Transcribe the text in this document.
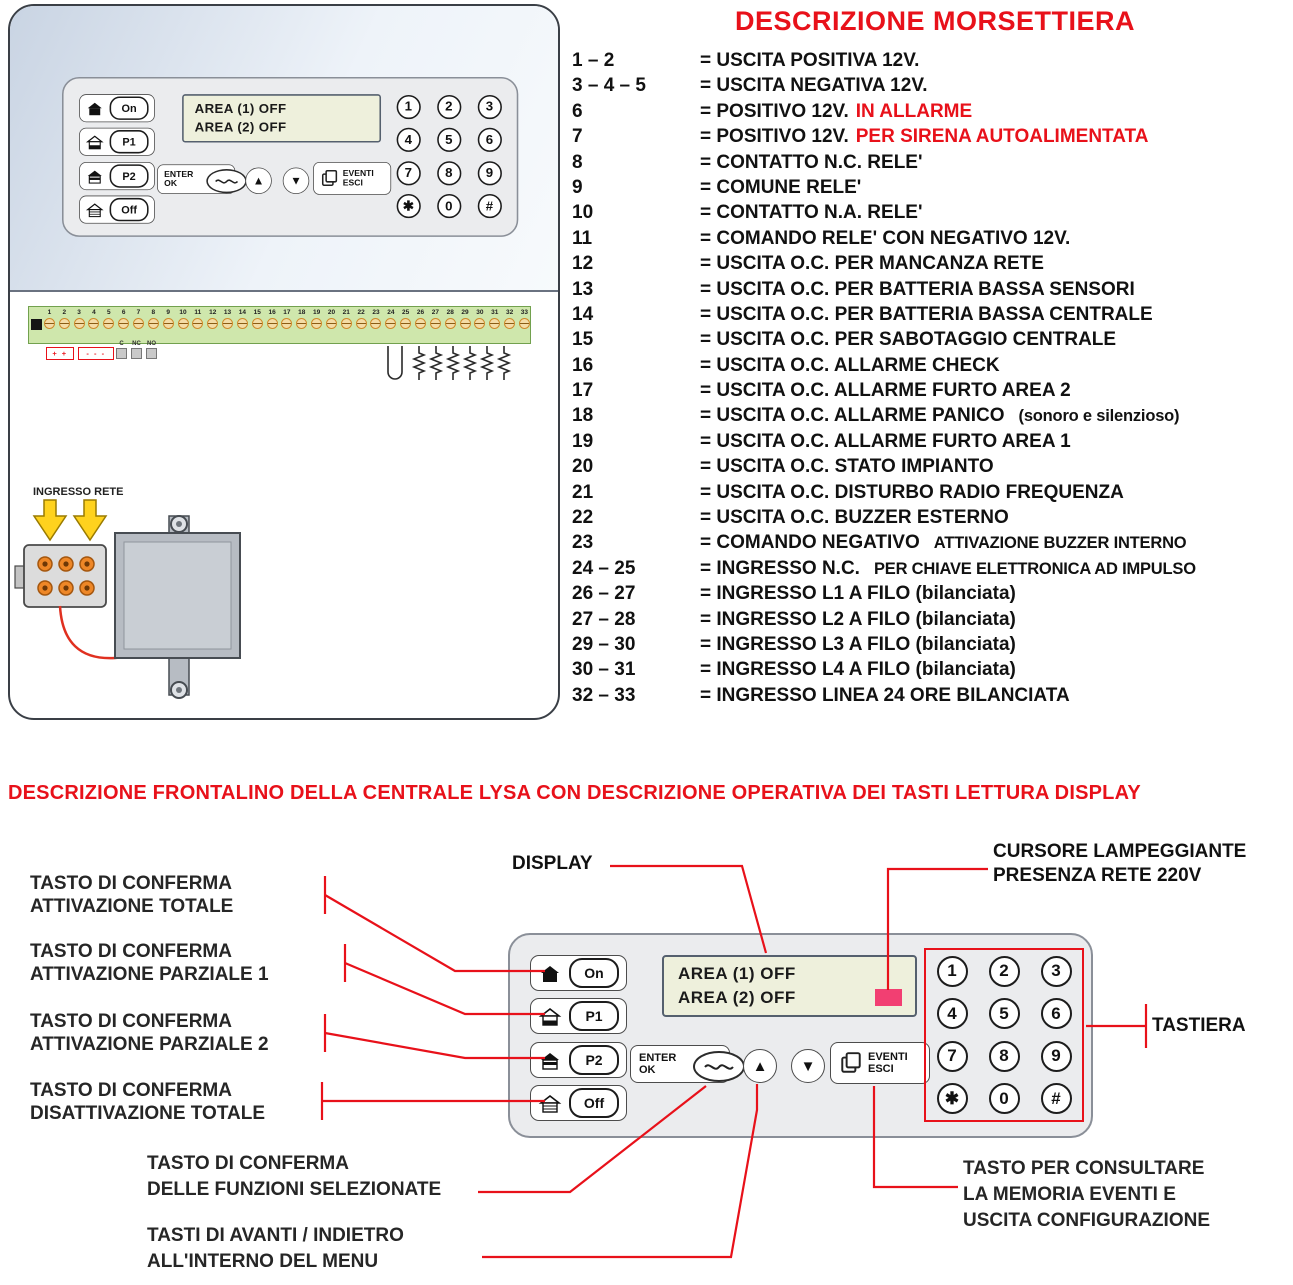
1 2 3 4 5 6 7 8 9 10 11 12 13 14 15 16 17 18 19 20 21 22 23 24 25 26 27 28 29 30 31 32 33
+ +	- - -
C NC NO
INGRESSO RETE
DESCRIZIONE MORSETTIERA
1 – 2	= USCITA POSITIVA 12V.
3 – 4 – 5	= USCITA NEGATIVA 12V.
6	= POSITIVO 12V. IN ALLARME
7	= POSITIVO 12V. PER SIRENA AUTOALIMENTATA
8	= CONTATTO N.C. RELE'
9	= COMUNE RELE'
10	= CONTATTO N.A. RELE'
11	= COMANDO RELE' CON NEGATIVO 12V.
12	= USCITA O.C. PER MANCANZA RETE
13	= USCITA O.C. PER BATTERIA BASSA SENSORI
14	= USCITA O.C. PER BATTERIA BASSA CENTRALE
15	= USCITA O.C. PER SABOTAGGIO CENTRALE
16	= USCITA O.C. ALLARME CHECK
17	= USCITA O.C. ALLARME FURTO AREA 2
18	= USCITA O.C. ALLARME PANICO (sonoro e silenzioso)
19	= USCITA O.C. ALLARME FURTO AREA 1
20	= USCITA O.C. STATO IMPIANTO
21	= USCITA O.C. DISTURBO RADIO FREQUENZA
22	= USCITA O.C. BUZZER ESTERNO
23	= COMANDO NEGATIVO ATTIVAZIONE BUZZER INTERNO
24 – 25	= INGRESSO N.C. PER CHIAVE ELETTRONICA AD IMPULSO
26 – 27	= INGRESSO L1 A FILO (bilanciata)
27 – 28	= INGRESSO L2 A FILO (bilanciata)
29 – 30	= INGRESSO L3 A FILO (bilanciata)
30 – 31	= INGRESSO L4 A FILO (bilanciata)
32 – 33	= INGRESSO LINEA 24 ORE BILANCIATA
DESCRIZIONE FRONTALINO DELLA CENTRALE LYSA CON DESCRIZIONE OPERATIVA DEI TASTI LETTURA DISPLAY
On
P1
P2
Off
AREA (1) OFF
AREA (2) OFF
ENTER
OK	▲ ▼
EVENTI
ESCI
1	2	3
4	5	6
7	8	9
✱	0	#
On
P1
P2
Off
AREA (1) OFF
AREA (2) OFF
ENTER
OK	▲ ▼
EVENTI
ESCI
1	2	3
4	5	6
7	8	9
✱	0	#
TASTO DI CONFERMA
ATTIVAZIONE TOTALE
TASTO DI CONFERMA
ATTIVAZIONE PARZIALE 1
TASTO DI CONFERMA
ATTIVAZIONE PARZIALE 2
TASTO DI CONFERMA
DISATTIVAZIONE TOTALE
DISPLAY
CURSORE LAMPEGGIANTE
PRESENZA RETE 220V
TASTO DI CONFERMA
DELLE FUNZIONI SELEZIONATE
TASTI DI AVANTI / INDIETRO
ALL'INTERNO DEL MENU
TASTO PER CONSULTARE
LA MEMORIA EVENTI E
USCITA CONFIGURAZIONE
TASTIERA
